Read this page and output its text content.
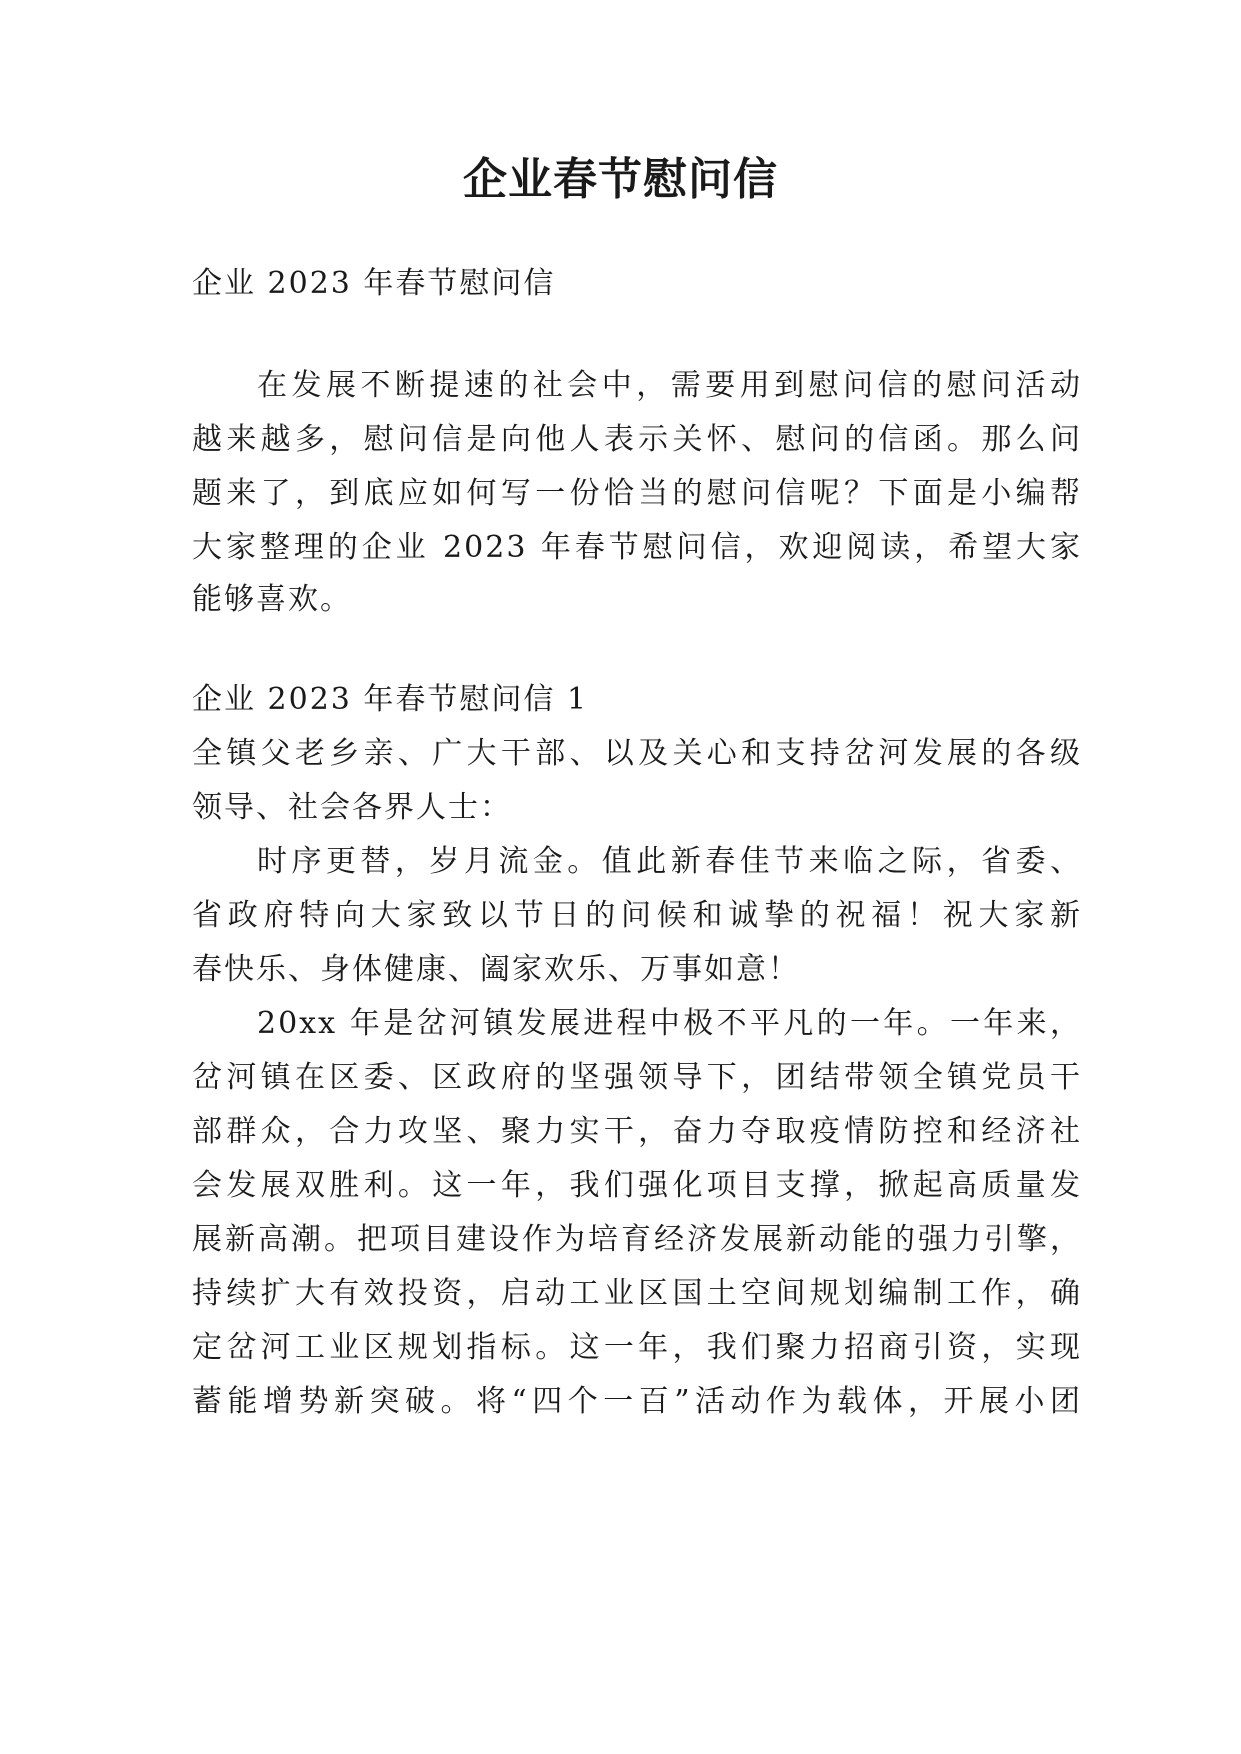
企业春节慰问信

企业 2023 年春节慰问信

在发展不断提速的社会中，需要用到慰问信的慰问活动

越来越多，慰问信是向他人表示关怀、慰问的信函。那么问

题来了，到底应如何写一份恰当的慰问信呢？下面是小编帮

大家整理的企业 2023 年春节慰问信，欢迎阅读，希望大家

能够喜欢。

企业 2023 年春节慰问信 1

全镇父老乡亲、广大干部、以及关心和支持岔河发展的各级

领导、社会各界人士：

时序更替，岁月流金。值此新春佳节来临之际，省委、

省政府特向大家致以节日的问候和诚挚的祝福！祝大家新

春快乐、身体健康、阖家欢乐、万事如意！

20xx 年是岔河镇发展进程中极不平凡的一年。一年来，

岔河镇在区委、区政府的坚强领导下，团结带领全镇党员干

部群众，合力攻坚、聚力实干，奋力夺取疫情防控和经济社

会发展双胜利。这一年，我们强化项目支撑，掀起高质量发

展新高潮。把项目建设作为培育经济发展新动能的强力引擎，

持续扩大有效投资，启动工业区国土空间规划编制工作，确

定岔河工业区规划指标。这一年，我们聚力招商引资，实现

蓄能增势新突破。将“四个一百”活动作为载体，开展小团
